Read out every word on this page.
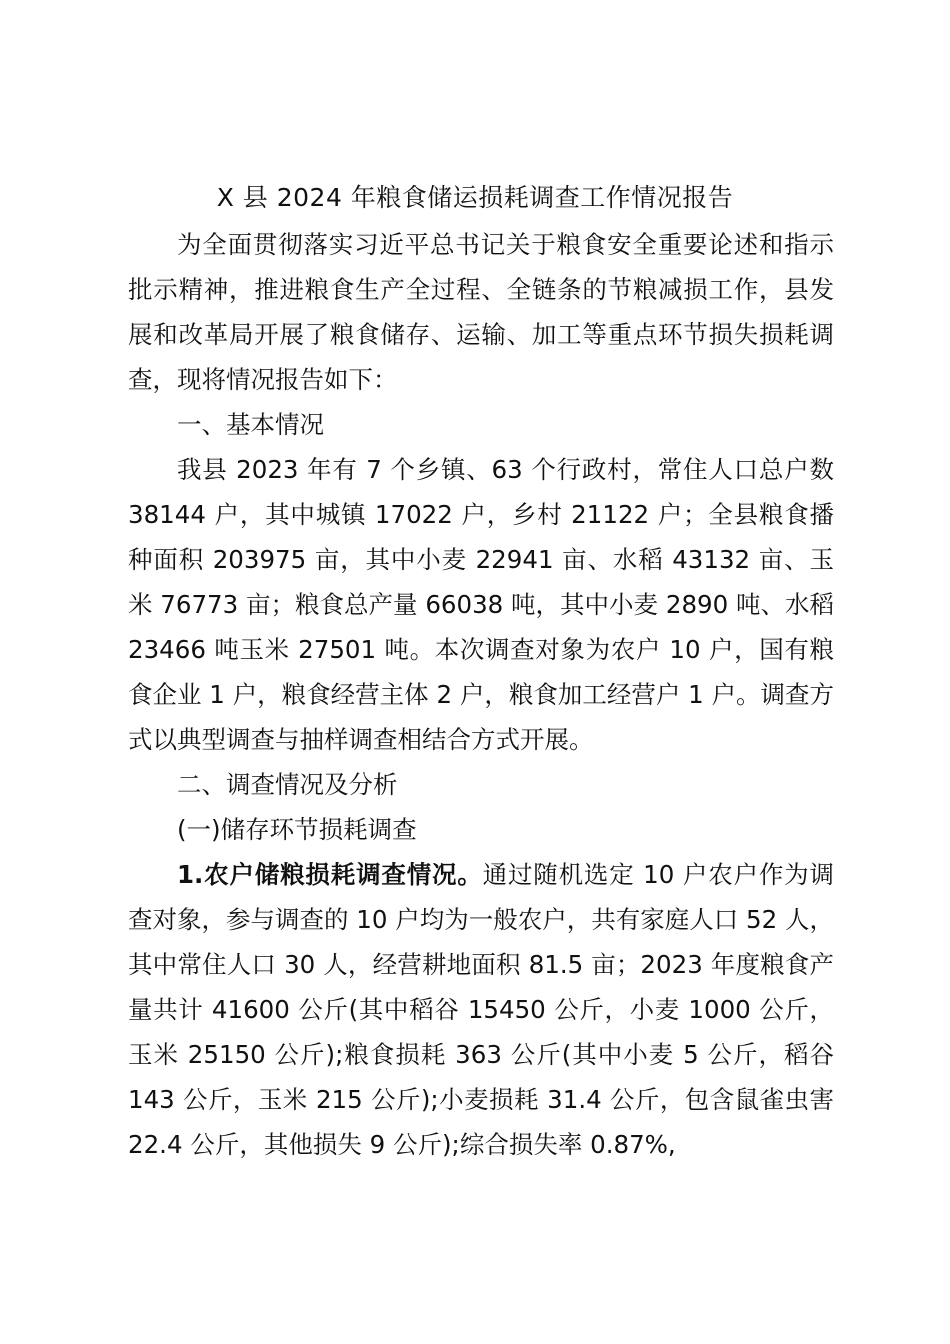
X 县 2024 年粮食储运损耗调查工作情况报告

为全面贯彻落实习近平总书记关于粮食安全重要论述和指示批示精神，推进粮食生产全过程、全链条的节粮减损工作，县发展和改革局开展了粮食储存、运输、加工等重点环节损失损耗调查，现将情况报告如下：

一、基本情况

我县 2023 年有 7 个乡镇、63 个行政村，常住人口总户数 38144 户，其中城镇 17022 户，乡村 21122 户；全县粮食播种面积 203975 亩，其中小麦 22941 亩、水稻 43132 亩、玉米 76773 亩；粮食总产量 66038 吨，其中小麦 2890 吨、水稻 23466 吨玉米 27501 吨。本次调查对象为农户 10 户，国有粮食企业 1 户，粮食经营主体 2 户，粮食加工经营户 1 户。调查方式以典型调查与抽样调查相结合方式开展。

二、调查情况及分析

(一)储存环节损耗调查

1.农户储粮损耗调查情况。通过随机选定 10 户农户作为调查对象，参与调查的 10 户均为一般农户，共有家庭人口 52 人，其中常住人口 30 人，经营耕地面积 81.5 亩；2023 年度粮食产量共计 41600 公斤(其中稻谷 15450 公斤，小麦 1000 公斤，玉米 25150 公斤);粮食损耗 363 公斤(其中小麦 5 公斤，稻谷 143 公斤，玉米 215 公斤);小麦损耗 31.4 公斤，包含鼠雀虫害 22.4 公斤，其他损失 9 公斤);综合损失率 0.87%,
